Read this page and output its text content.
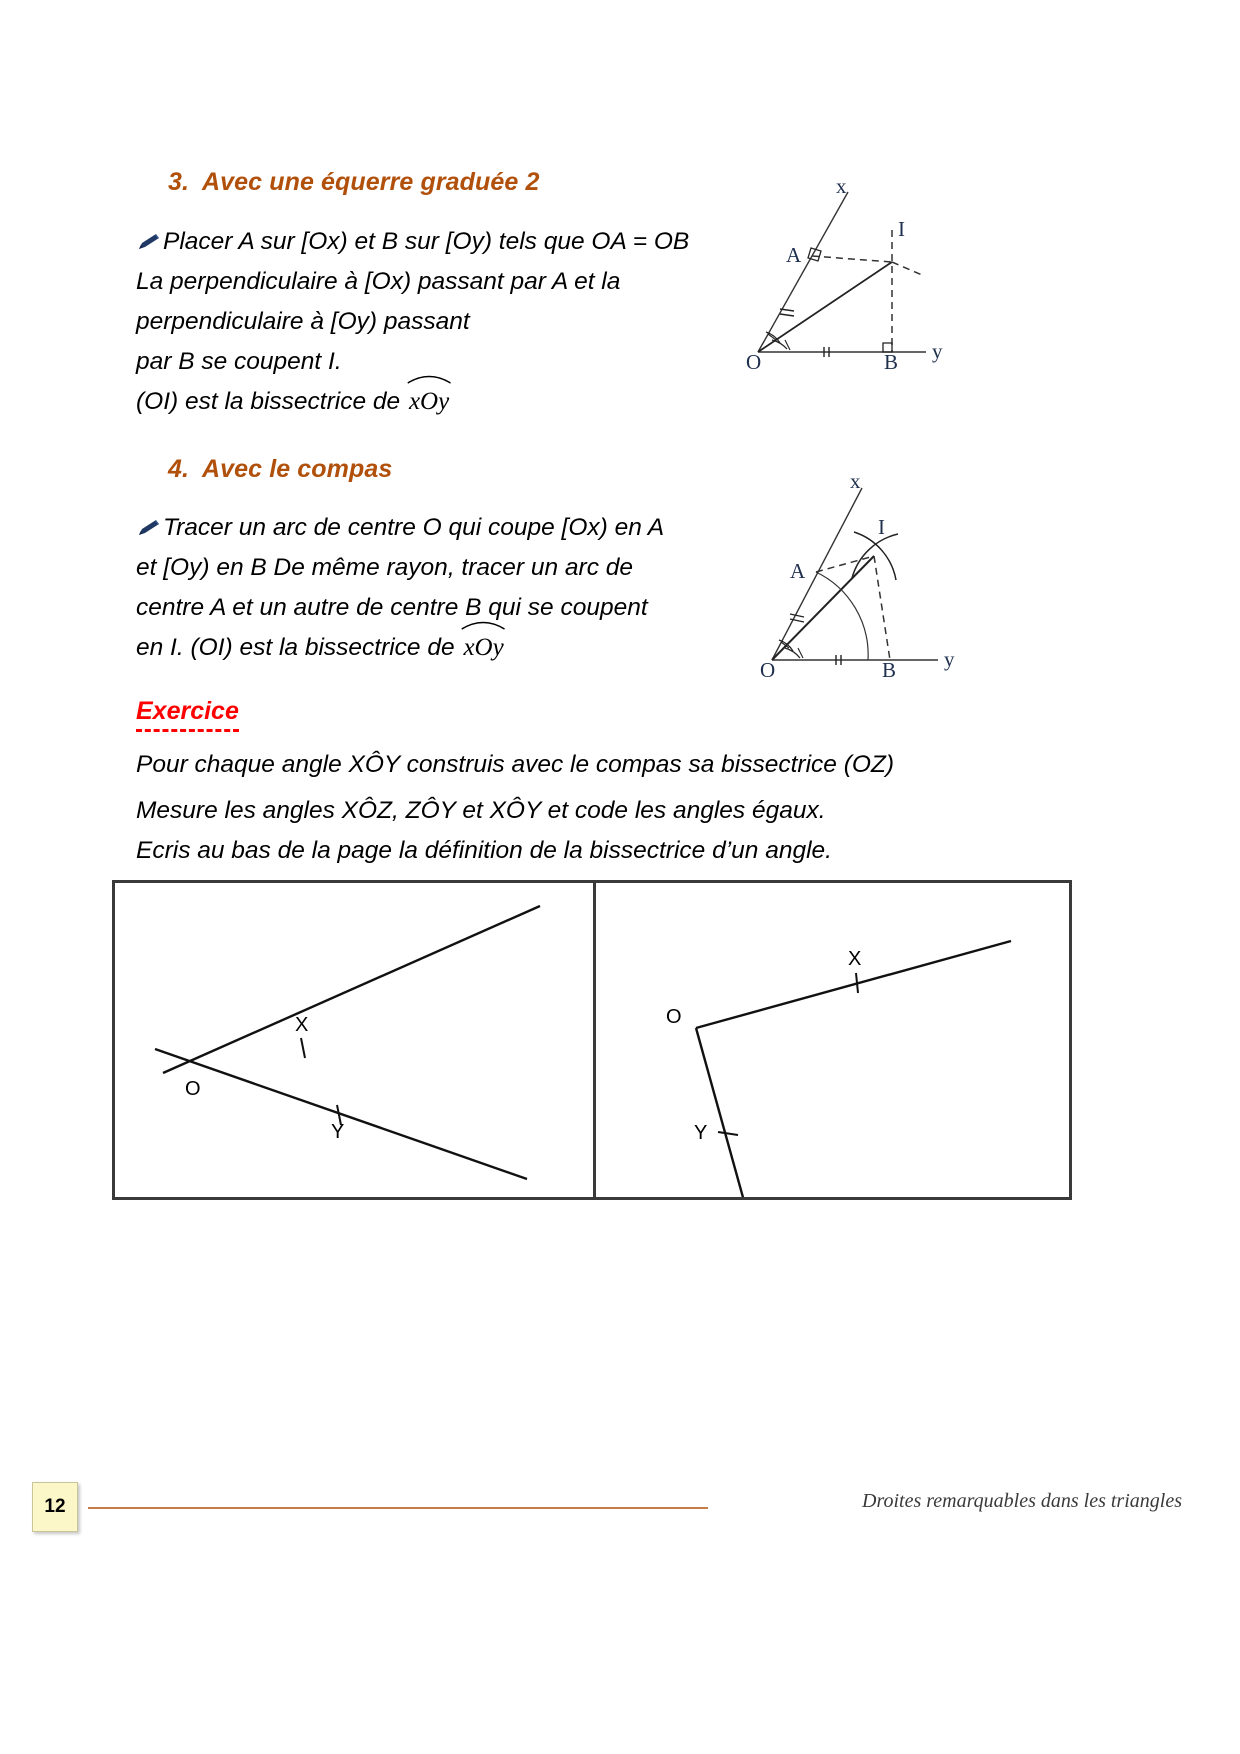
3. Avec une équerre graduée 2
Placer A sur [Ox) et B sur [Oy) tels que OA = OB
La perpendiculaire à [Ox) passant par A et la
perpendiculaire à [Oy) passant
par B se coupent I.
(OI) est la bissectrice de
xOy
x
y
A
B
I
O
4. Avec le compas
Tracer un arc de centre O qui coupe [Ox) en A
et [Oy) en B De même rayon, tracer un arc de
centre A et un autre de centre B qui se coupent
en I. (OI) est la bissectrice de
xOy
x
y
A
B
I
O
Exercice
Pour chaque angle XÔY construis avec le compas sa bissectrice (OZ)
Mesure les angles XÔZ, ZÔY et XÔY et code les angles égaux.
Ecris au bas de la page la définition de la bissectrice d’un angle.
X
Y
O
X
Y
O
12	Droites remarquables dans les triangles
